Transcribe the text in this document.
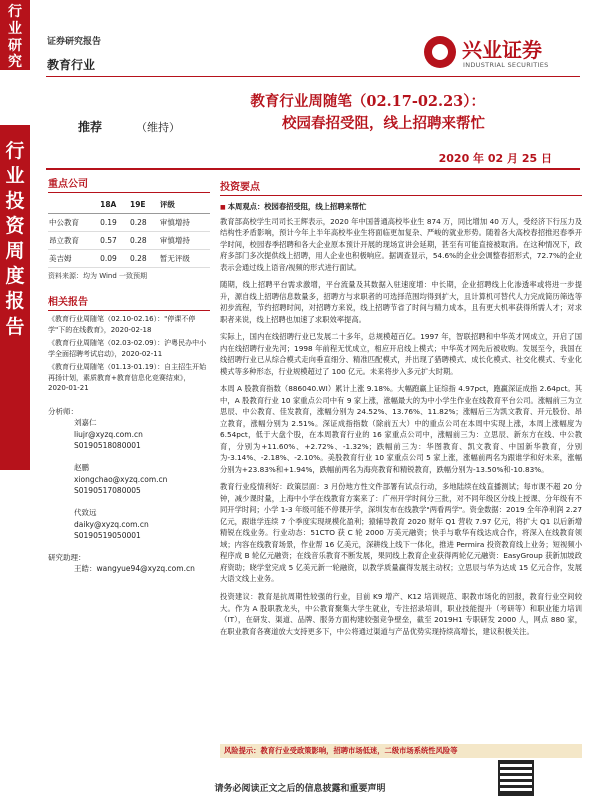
行
业
研
究
行
业
投
资
周
度
报
告
证券研究报告
教育行业
兴业证券
INDUSTRIAL SECURITIES
教育行业周随笔（02.17-02.23）：
校园春招受阻，线上招聘来帮忙
推荐	（维持）
2020 年 02 月 25 日
重点公司
	18A	19E	评级
中公教育	0.19	0.28	审慎增持
昂立教育	0.57	0.28	审慎增持
美吉姆	0.09	0.28	暂无评级
资料来源：均为 Wind 一致预期
相关报告
《教育行业周随笔（02.10-02.16）："停课不停学"下的在线教育》，2020-02-18
《教育行业周随笔（02.03-02.09）：沪粤民办中小学全面招聘考试启动》，2020-02-11
《教育行业周随笔（01.13-01.19）：自主招生开始再扬计划，素质教育+教育信息化竞赛结束》，2020-01-21
分析师：
刘嘉仁
liujr@xyzq.com.cn
S0190518080001
赵鹏
xiongchao@xyzq.com.cn
S0190517080005
代致远
daiky@xyzq.com.cn
S0190519050001
研究助理：
王皓：wangyue94@xyzq.com.cn
投资要点
■ 本周观点：校园春招受阻，线上招聘来帮忙
教育部高校学生司司长王辉表示，2020 年中国普通高校毕业生 874 万，同比增加 40 万人，受经济下行压力及结构性矛盾影响，预计今年上半年高校毕业生将面临更加复杂、严峻的就业形势。随着各大高校春招推迟春季开学时间，校园春季招聘和各大企业原本预计开展的现场宣讲会延期，甚至有可能直接被取消。在这种情况下，政府多部门多次提供线上招聘，用人企业也积极响应。据调查显示，54.6%的企业会调整春招形式，72.7%的企业表示会通过线上语音/视频的形式进行面试。
随期，线上招聘平台需求激增，平台流量及其数据入驻速度增：中长期，企业招聘线上化渗透率或将进一步提升，源自线上招聘信息数量多，招聘方与求职者的可选择范围均得到扩大，且计算机可替代人力完成简历筛选等初步流程，节约招聘时间，对招聘方来说，线上招聘节省了时间与精力成本，且有更大机率获得所需人才；对求职者来说，线上招聘也加速了求职效率提高。
实际上，国内在线招聘行业已发展二十多年，总规模超百亿。1997 年，智联招聘和中华英才网成立，开启了国内在线招聘行业先河；1998 年前程无忧成立，相应开启线上模式；中华英才网先后被收购。发展至今，我国在线招聘行业已从综合模式走向垂直细分、精准匹配模式，并出现了猎聘模式、成长化模式、社交化模式、专业化模式等多种形态，行业规模超过了 100 亿元。未来将步入多元扩大时期。
本周 A 股教育指数（886040.WI）累计上涨 9.18%。大幅跑赢上证综指 4.97pct，跑赢深证成指 2.64pct。其中，A 股教育行业 10 家重点公司中有 9 家上涨，涨幅最大的为中小学生作业在线教育平台公司。涨幅前三为立思辰、中公教育、佳发教育，涨幅分别为 24.52%、13.76%、11.82%；涨幅后三为凯文教育、开元股份、昂立教育，涨幅分别为 2.51%。深证成指指数（除前五大）中的重点公司在本周中实现上涨，本周上涨幅度为 6.54pct，低于大盘个股，在本周教育行业的 16 家重点公司中，涨幅前三为：立思辰、新东方在线、中公教育，分别为+11.60%、+2.72%、-1.32%；跌幅前三为：华图教育、凯文教育、中国新华教育，分别为-3.14%、-2.18%、-2.10%。美股教育行业 10 家重点公司 5 家上涨，涨幅前两名为跟谁学和好未来，涨幅分别为+23.83%和+1.94%，跌幅前两名为海亮教育和精锐教育，跌幅分别为-13.50%和-10.83%。
教育行业疫情利好：政策层面：3 月份地方性文件部署有试点行动，多地陆续在线直播测试；每市课不超 20 分钟，减少课时量，上海中小学在线教育方案来了：广州开学时间分三批，对不同年级区分线上授课、分年级有不同开学时间；小学 1-3 年级可能不停课开学，深圳发布在线教学"两看两学"。资金数据：2019 全年净利润 2.27 亿元，跟谁学连续 7 个季度实现规模化盈利；猿辅导教育 2020 财年 Q1 营收 7.97 亿元，将扩大 Q1 以后新增精锐在线业务。行业动态：51CTO 获 C 轮 2000 万美元融资；快手与歌华有线达成合作，将深入在线教育领域；内容在线教育场景，作业帮 16 亿美元，深耕线上线下一体化，推进 Permira 投资教育线上业务；短视频小程序成 B 轮亿元融资；在线音乐教育不断发展，果同线上教育企业获得两轮亿元融资：EasyGroup 获新加坡政府资助；晓学堂完成 5 亿美元新一轮融资，以教学质量赢得发展主动权；立思辰与华为达成 15 亿元合作，发展大语文线上业务。
投资建议：教育是抗周期性较强的行业，目前 K9 增产、K12 培训规范、职教市场化的回报，教育行业空间较大。作为 A 股职教龙头，中公教育聚集大学生就业，专注招录培训，职业技能提升（考研等）和职业能力培训（IT），在研发、渠道、品牌、服务方面构建较强竞争壁垒，截至 2019H1 专职研发 2000 人，网点 880 家，在职业教育各赛道放大支持更多下，中公将通过渠道与产品优势实现持续高增长，建议积极关注。
风险提示：教育行业受政策影响，招聘市场低迷，二级市场系统性风险等
请务必阅读正文之后的信息披露和重要声明
